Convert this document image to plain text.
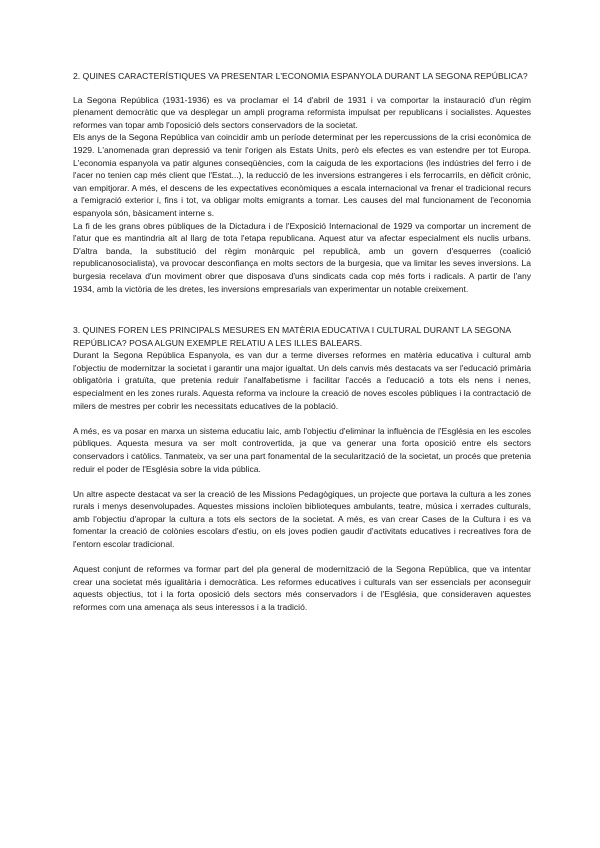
2. QUINES CARACTERÍSTIQUES VA PRESENTAR L'ECONOMIA ESPANYOLA DURANT LA SEGONA REPÚBLICA?

La Segona República (1931-1936) es va proclamar el 14 d'abril de 1931 i va comportar la instauració d'un règim plenament democràtic que va desplegar un ampli programa reformista impulsat per republicans i socialistes. Aquestes reformes van topar amb l'oposició dels sectors conservadors de la societat.

Els anys de la Segona República van coincidir amb un període determinat per les repercussions de la crisi econòmica de 1929. L'anomenada gran depressió va tenir l'origen als Estats Units, però els efectes es van estendre per tot Europa. L'economia espanyola va patir algunes conseqüències, com la caiguda de les exportacions (les indústries del ferro i de l'acer no tenien cap més client que l'Estat...), la reducció de les inversions estrangeres i els ferrocarrils, en dèficit crònic, van empitjorar. A més, el descens de les expectatives econòmiques a escala internacional va frenar el tradicional recurs a l'emigració exterior i, fins i tot, va obligar molts emigrants a tornar. Les causes del mal funcionament de l'economia espanyola són, bàsicament interne s.

La fi de les grans obres públiques de la Dictadura i de l'Exposició Internacional de 1929 va comportar un increment de l'atur que es mantindria alt al llarg de tota l'etapa republicana. Aquest atur va afectar especialment els nuclis urbans. D'altra banda, la substitució del règim monàrquic pel republicà, amb un govern d'esquerres (coalició republicanosocialista), va provocar desconfiança en molts sectors de la burgesia, que va limitar les seves inversions. La burgesia recelava d'un moviment obrer que disposava d'uns sindicats cada cop més forts i radicals. A partir de l'any 1934, amb la victòria de les dretes, les inversions empresarials van experimentar un notable creixement.

3. QUINES FOREN LES PRINCIPALS MESURES EN MATÈRIA EDUCATIVA I CULTURAL DURANT LA SEGONA REPÚBLICA? POSA ALGUN EXEMPLE RELATIU A LES ILLES BALEARS.

Durant la Segona República Espanyola, es van dur a terme diverses reformes en matèria educativa i cultural amb l'objectiu de modernitzar la societat i garantir una major igualtat. Un dels canvis més destacats va ser l'educació primària obligatòria i gratuïta, que pretenia reduir l'analfabetisme i facilitar l'accés a l'educació a tots els nens i nenes, especialment en les zones rurals. Aquesta reforma va incloure la creació de noves escoles públiques i la contractació de milers de mestres per cobrir les necessitats educatives de la població.

A més, es va posar en marxa un sistema educatiu laic, amb l'objectiu d'eliminar la influència de l'Església en les escoles públiques. Aquesta mesura va ser molt controvertida, ja que va generar una forta oposició entre els sectors conservadors i catòlics. Tanmateix, va ser una part fonamental de la secularització de la societat, un procés que pretenia reduir el poder de l'Església sobre la vida pública.

Un altre aspecte destacat va ser la creació de les Missions Pedagògiques, un projecte que portava la cultura a les zones rurals i menys desenvolupades. Aquestes missions incloïen biblioteques ambulants, teatre, música i xerrades culturals, amb l'objectiu d'apropar la cultura a tots els sectors de la societat. A més, es van crear Cases de la Cultura i es va fomentar la creació de colònies escolars d'estiu, on els joves podien gaudir d'activitats educatives i recreatives fora de l'entorn escolar tradicional.

Aquest conjunt de reformes va formar part del pla general de modernització de la Segona República, que va intentar crear una societat més igualitària i democràtica. Les reformes educatives i culturals van ser essencials per aconseguir aquests objectius, tot i la forta oposició dels sectors més conservadors i de l'Església, que consideraven aquestes reformes com una amenaça als seus interessos i a la tradició.
